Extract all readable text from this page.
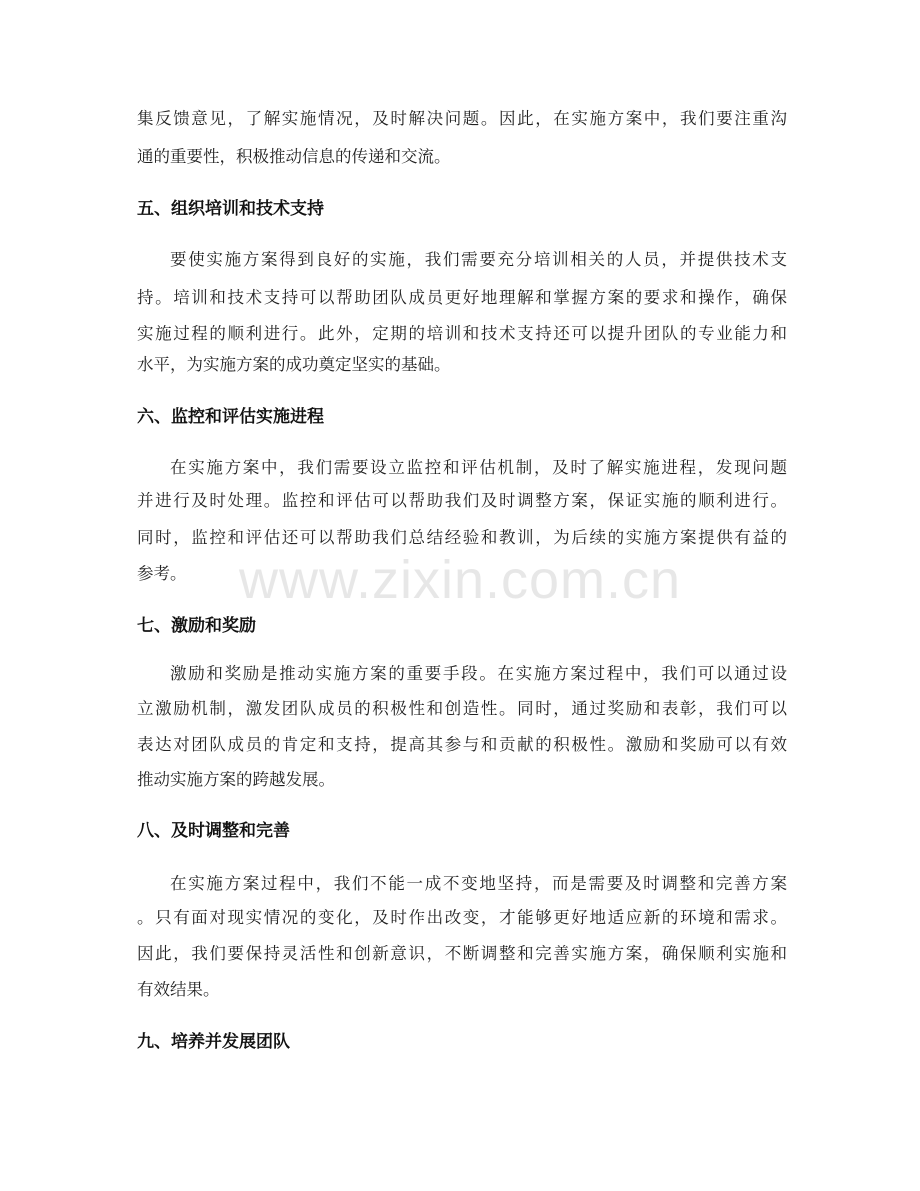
集反馈意见，了解实施情况，及时解决问题。因此，在实施方案中，我们要注重沟
通的重要性，积极推动信息的传递和交流。
五、组织培训和技术支持
要使实施方案得到良好的实施，我们需要充分培训相关的人员，并提供技术支
持。培训和技术支持可以帮助团队成员更好地理解和掌握方案的要求和操作，确保
实施过程的顺利进行。此外，定期的培训和技术支持还可以提升团队的专业能力和
水平，为实施方案的成功奠定坚实的基础。
六、监控和评估实施进程
在实施方案中，我们需要设立监控和评估机制，及时了解实施进程，发现问题
并进行及时处理。监控和评估可以帮助我们及时调整方案，保证实施的顺利进行。
同时，监控和评估还可以帮助我们总结经验和教训，为后续的实施方案提供有益的
参考。
七、激励和奖励
激励和奖励是推动实施方案的重要手段。在实施方案过程中，我们可以通过设
立激励机制，激发团队成员的积极性和创造性。同时，通过奖励和表彰，我们可以
表达对团队成员的肯定和支持，提高其参与和贡献的积极性。激励和奖励可以有效
推动实施方案的跨越发展。
八、及时调整和完善
在实施方案过程中，我们不能一成不变地坚持，而是需要及时调整和完善方案
。只有面对现实情况的变化，及时作出改变，才能够更好地适应新的环境和需求。
因此，我们要保持灵活性和创新意识，不断调整和完善实施方案，确保顺利实施和
有效结果。
九、培养并发展团队
www.zixin.com.cn
